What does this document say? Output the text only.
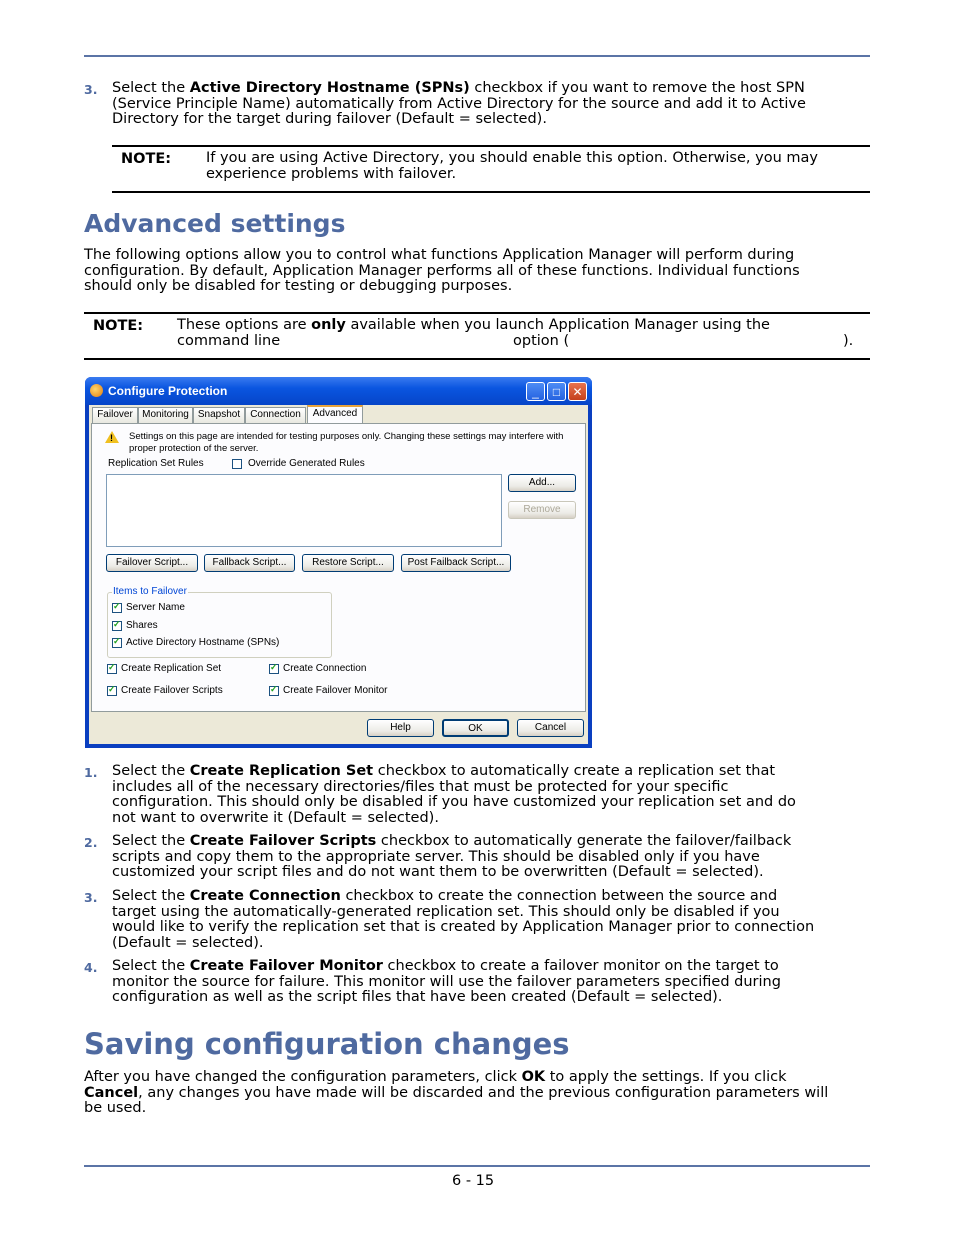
3. Select the Active Directory Hostname (SPNs) checkbox if you want to remove the host SPN
(Service Principle Name) automatically from Active Directory for the source and add it to Active
Directory for the target during failover (Default = selected).
NOTE: If you are using Active Directory, you should enable this option. Otherwise, you may
experience problems with failover.
Advanced settings
The following options allow you to control what functions Application Manager will perform during
configuration. By default, Application Manager performs all of these functions. Individual functions
should only be disabled for testing or debugging purposes.
NOTE: These options are only available when you launch Application Manager using the
command line	option (	).
Configure Protection	_	□	✕
Failover Monitoring Snapshot	Connection	Advanced
! Settings on this page are intended for testing purposes only. Changing these settings may interfere with
proper protection of the server.
Replication Set Rules	Override Generated Rules
Add...
Remove
Failover Script...	Fallback Script...	Restore Script...	Post Failback Script...
Items to Failover
✓
Server Name
✓
Shares
✓
Active Directory Hostname (SPNs)
✓
Create Replication Set ✓	Create Connection
✓
Create Failover Scripts ✓	Create Failover Monitor
Help	OK	Cancel
1. Select the Create Replication Set checkbox to automatically create a replication set that
includes all of the necessary directories/files that must be protected for your specific
configuration. This should only be disabled if you have customized your replication set and do
not want to overwrite it (Default = selected).
2. Select the Create Failover Scripts checkbox to automatically generate the failover/failback
scripts and copy them to the appropriate server. This should be disabled only if you have
customized your script files and do not want them to be overwritten (Default = selected).
3. Select the Create Connection checkbox to create the connection between the source and
target using the automatically-generated replication set. This should only be disabled if you
would like to verify the replication set that is created by Application Manager prior to connection
(Default = selected).
4. Select the Create Failover Monitor checkbox to create a failover monitor on the target to
monitor the source for failure. This monitor will use the failover parameters specified during
configuration as well as the script files that have been created (Default = selected).
Saving configuration changes
After you have changed the configuration parameters, click OK to apply the settings. If you click
Cancel, any changes you have made will be discarded and the previous configuration parameters will
be used.
6 - 15
